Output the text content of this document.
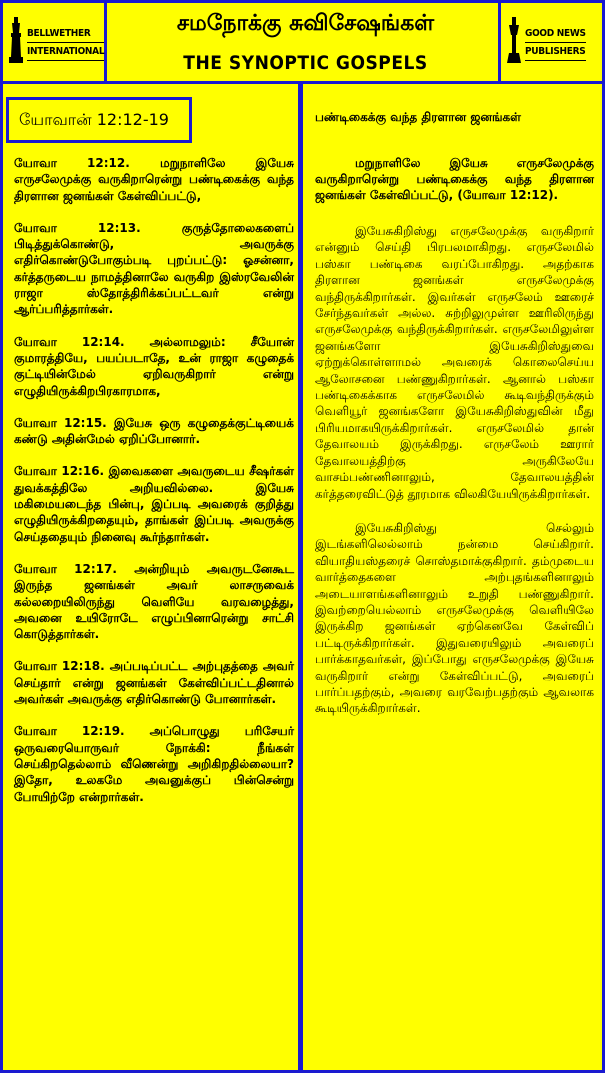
BELLWETHER
INTERNATIONAL
சமநோக்கு சுவிசேஷங்கள்
THE SYNOPTIC GOSPELS
GOOD NEWS
PUBLISHERS
யோவான் 12:12-19

யோவா 12:12. மறுநாளிலே இயேசு எருசலேமுக்கு வருகிறாரென்று பண்டிகைக்கு வந்த திரளான ஜனங்கள் கேள்விப்பட்டு,

யோவா 12:13. குருத்தோலைகளைப் பிடித்துக்கொண்டு, அவருக்கு எதிர்கொண்டுபோகும்படி புறப்பட்டு: ஓசன்னா, கர்த்தருடைய நாமத்தினாலே வருகிற இஸ்ரவேலின் ராஜா ஸ்தோத்திரிக்கப்பட்டவர் என்று ஆர்ப்பரித்தார்கள்.

யோவா 12:14. அல்லாமலும்: சீயோன் குமாரத்தியே, பயப்படாதே, உன் ராஜா கழுதைக் குட்டியின்மேல் ஏறிவருகிறார் என்று எழுதியிருக்கிறபிரகாரமாக,

யோவா 12:15. இயேசு ஒரு கழுதைக்குட்டியைக் கண்டு அதின்மேல் ஏறிப்போனார்.

யோவா 12:16. இவைகளை அவருடைய சீஷர்கள் துவக்கத்திலே அறியவில்லை. இயேசு மகிமையடைந்த பின்பு, இப்படி அவரைக் குறித்து எழுதியிருக்கிறதையும், தாங்கள் இப்படி அவருக்கு செய்ததையும் நினைவு கூர்ந்தார்கள்.

யோவா 12:17. அன்றியும் அவருடனேகூட இருந்த ஜனங்கள் அவர் லாசருவைக் கல்லறையிலிருந்து வெளியே வரவழைத்து, அவனை உயிரோடே எழுப்பினாரென்று சாட்சி கொடுத்தார்கள்.

யோவா 12:18. அப்படிப்பட்ட அற்புதத்தை அவர் செய்தார் என்று ஜனங்கள் கேள்விப்பட்டதினால் அவர்கள் அவருக்கு எதிர்கொண்டு போனார்கள்.

யோவா 12:19. அப்பொழுது பரிசேயர் ஒருவரையொருவர் நோக்கி: நீங்கள் செய்கிறதெல்லாம் வீணென்று அறிகிறதில்லையா? இதோ, உலகமே அவனுக்குப் பின்சென்று போயிற்றே என்றார்கள்.

பண்டிகைக்கு வந்த திரளான ஜனங்கள்

மறுநாளிலே இயேசு எருசலேமுக்கு வருகிறாரென்று பண்டிகைக்கு வந்த திரளான ஜனங்கள் கேள்விப்பட்டு, (யோவா 12:12).

இயேசுகிறிஸ்து எருசலேமுக்கு வருகிறார் என்னும் செய்தி பிரபலமாகிறது. எருசலேமில் பஸ்கா பண்டிகை வரப்போகிறது. அதற்காக திரளான ஜனங்கள் எருசலேமுக்கு வந்திருக்கிறார்கள். இவர்கள் எருசலேம் ஊரைச் சேர்ந்தவர்கள் அல்ல. சுற்றிலுமுள்ள ஊரிலிருந்து எருசலேமுக்கு வந்திருக்கிறார்கள். எருசலேமிலுள்ள ஜனங்களோ இயேசுகிறிஸ்துவை ஏற்றுக்கொள்ளாமல் அவரைக் கொலைசெய்ய ஆலோசனை பண்ணுகிறார்கள். ஆனால் பஸ்கா பண்டிகைக்காக எருசலேமில் கூடிவந்திருக்கும் வெளியூர் ஜனங்களோ இயேசுகிறிஸ்துவின் மீது பிரியமாகயிருக்கிறார்கள். எருசலேமில் தான் தேவாலயம் இருக்கிறது. எருசலேம் ஊரார் தேவாலயத்திற்கு அருகிலேயே வாசம்பண்ணினாலும், தேவாலயத்தின் கர்த்தரைவிட்டுத் தூரமாக விலகியேயிருக்கிறார்கள்.

இயேசுகிறிஸ்து செல்லும் இடங்களிலெல்லாம் நன்மை செய்கிறார். வியாதியஸ்தரைச் சொஸ்தமாக்குகிறார். தம்முடைய வார்த்தைகளை அற்புதங்களினாலும் அடையாளங்களினாலும் உறுதி பண்ணுகிறார். இவற்றையெல்லாம் எருசலேமுக்கு வெளியிலே இருக்கிற ஜனங்கள் ஏற்கெனவே கேள்விப் பட்டிருக்கிறார்கள். இதுவரையிலும் அவரைப் பார்க்காதவர்கள், இப்போது எருசலேமுக்கு இயேசு வருகிறார் என்று கேள்விப்பட்டு, அவரைப் பார்ப்பதற்கும், அவரை வரவேற்பதற்கும் ஆவலாக கூடியிருக்கிறார்கள்.
